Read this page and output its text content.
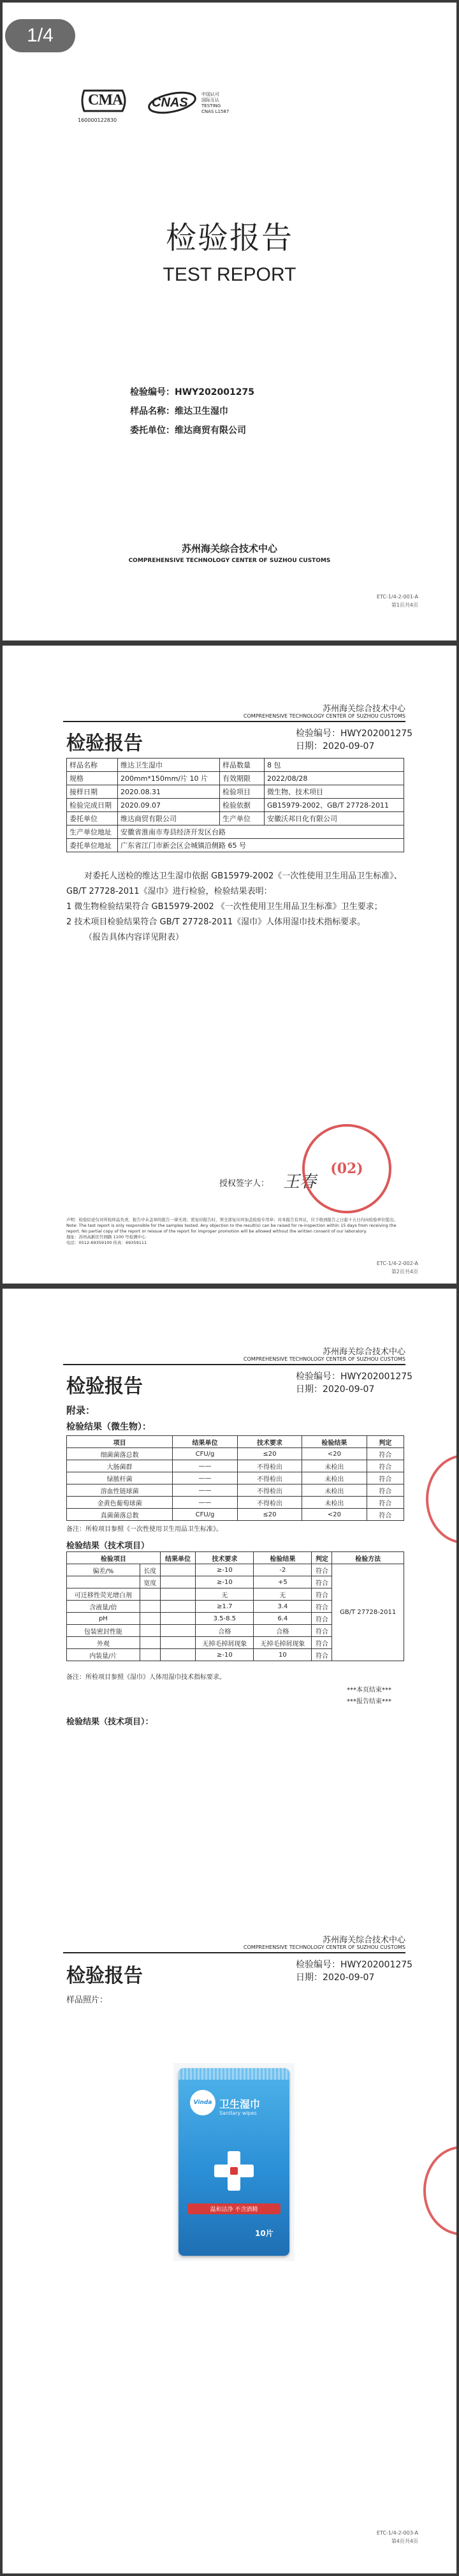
1/4
CMA
160000122830
CNAS
中国认可
国际互认
TESTING
CNAS L1587
检验报告
TEST REPORT
检验编号：HWY202001275
样品名称：维达卫生湿巾
委托单位：维达商贸有限公司
苏州海关综合技术中心
COMPREHENSIVE TECHNOLOGY CENTER OF SUZHOU CUSTOMS
ETC-1/4-2-001-A
第1页共4页
苏州海关综合技术中心
COMPREHENSIVE TECHNOLOGY CENTER OF SUZHOU CUSTOMS
检验报告	检验编号：HWY202001275
日期：2020-09-07
样品名称	维达卫生湿巾	样品数量	8 包
规格	200mm*150mm/片 10 片	有效期限	2022/08/28
接样日期	2020.08.31	检验项目	微生物、技术项目
检验完成日期	2020.09.07	检验依据	GB15979-2002、GB/T 27728-2011
委托单位	维达商贸有限公司	生产单位	安徽沃邦日化有限公司
生产单位地址	安徽省淮南市寿县经济开发区台路		
委托单位地址	广东省江门市新会区会城镇沿侧路 65 号		
对委托人送检的维达卫生湿巾依据 GB15979-2002《一次性使用卫生用品卫生标准》、GB/T 27728-2011《湿巾》进行检验，检验结果表明：
1 微生物检验结果符合 GB15979-2002 《一次性使用卫生用品卫生标准》卫生要求；
2 技术项目检验结果符合 GB/T 27728-2011《湿巾》人体用湿巾技术指标要求。
（报告具体内容详见附表）
授权签字人： 王春
(02)
声明：检验结论仅对所检样品负责，报告中未盖章的报告一律无效；需复印报告时，须全部复印并加盖检验专用章；对本报告有异议，应于收到报告之日起十五日内向检验单位提出。
Note: The test report is only responsible for the samples tested. Any objection to the result(s) can be raised for re-inspection within 15 days from receiving the report. No partial copy of the report or reissue of the report for improper promotion will be allowed without the written consent of our laboratory.
地址：苏州高新区竹园路 1100 号检测中心
电话：0512-69359100 传真：69359111
ETC-1/4-2-002-A
第2页共4页
苏州海关综合技术中心
COMPREHENSIVE TECHNOLOGY CENTER OF SUZHOU CUSTOMS
检验报告	检验编号：HWY202001275
日期：2020-09-07
附录：
检验结果（微生物）：
项目	结果单位	技术要求	检验结果	判定
细菌菌落总数	CFU/g	≤20	<20	符合
大肠菌群	——	不得检出	未检出	符合
绿脓杆菌	——	不得检出	未检出	符合
溶血性链球菌	——	不得检出	未检出	符合
金黄色葡萄球菌	——	不得检出	未检出	符合
真菌菌落总数	CFU/g	≤20	<20	符合
备注：所检项目参照《一次性使用卫生用品卫生标准》。
检验结果（技术项目）
检验项目		结果单位	技术要求	检验结果	判定	检验方法
偏差/%	长度		≥-10	-2	符合	GB/T 27728-2011
	宽度		≥-10	+5	符合	
可迁移性荧光增白剂			无	无	符合	
含液量/倍			≥1.7	3.4	符合	
pH			3.5-8.5	6.4	符合	
包装密封性能			合格	合格	符合	
外观			无掉毛掉屑现象	无掉毛掉屑现象	符合	
内装量/片			≥-10	10	符合	
备注：所检项目参照《湿巾》人体用湿巾技术指标要求。
***本页结束***
***报告结束***
检验结果（技术项目）：
苏州海关综合技术中心
COMPREHENSIVE TECHNOLOGY CENTER OF SUZHOU CUSTOMS
检验报告	检验编号：HWY202001275
日期：2020-09-07
样品照片：
Vinda 卫生湿巾
Sanitary wipes
温和洁净 不含酒精
10片
ETC-1/4-2-003-A
第4页共4页
